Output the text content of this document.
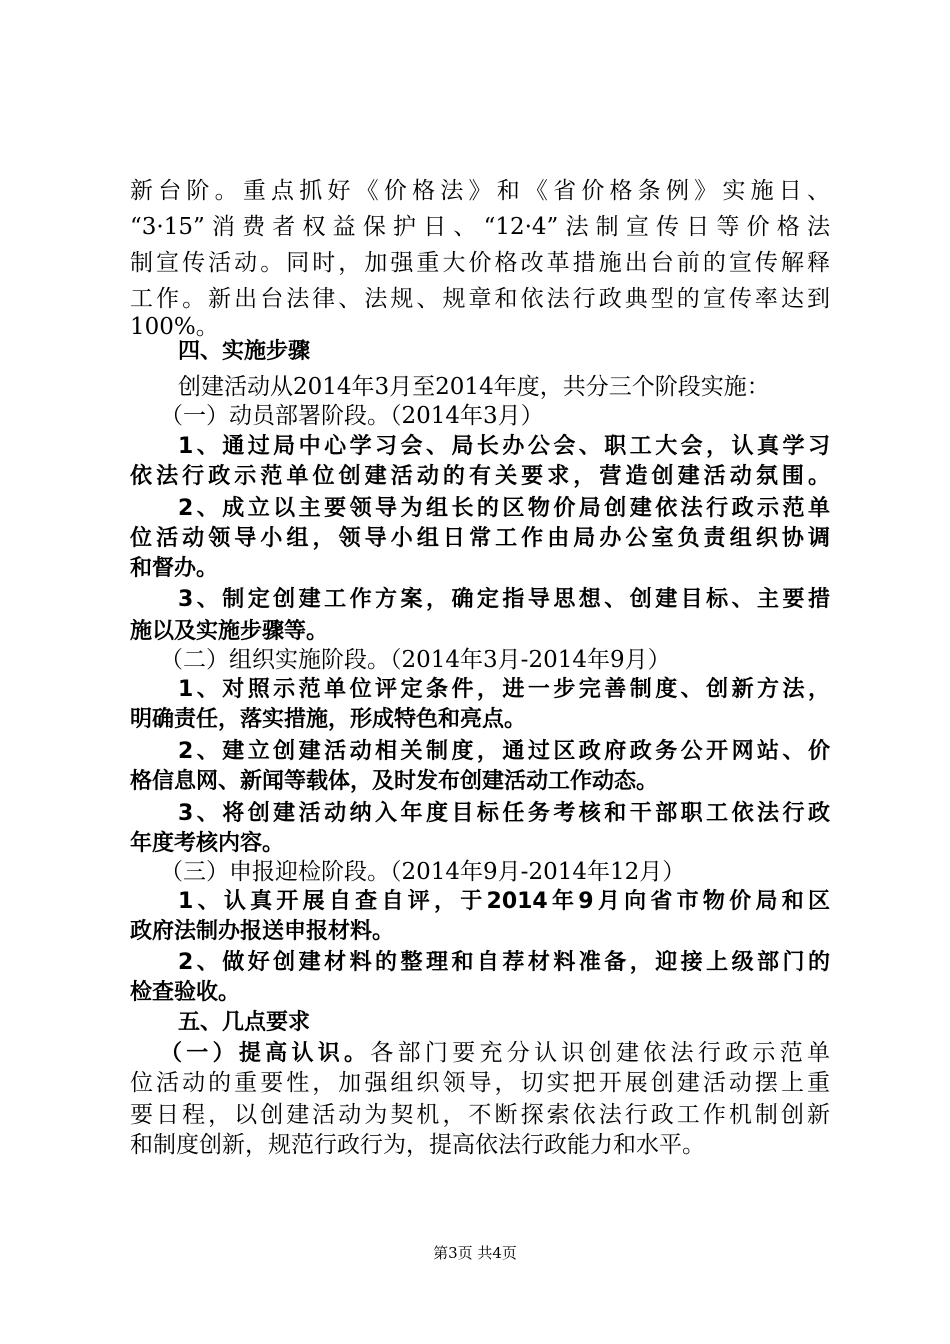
新台阶。重点抓好《价格法》和《省价格条例》实施日、
“3·15”消费者权益保护日、“12·4”法制宣传日等价格法
制宣传活动。同时，加强重大价格改革措施出台前的宣传解释
工作。新出台法律、法规、规章和依法行政典型的宣传率达到
100%。
四、实施步骤
创建活动从2014年3月至2014年度，共分三个阶段实施：
（一）动员部署阶段。（2014年3月）
1、通过局中心学习会、局长办公会、职工大会，认真学习
依法行政示范单位创建活动的有关要求，营造创建活动氛围。
2、成立以主要领导为组长的区物价局创建依法行政示范单
位活动领导小组，领导小组日常工作由局办公室负责组织协调
和督办。
3、制定创建工作方案，确定指导思想、创建目标、主要措
施以及实施步骤等。
（二）组织实施阶段。（2014年3月-2014年9月）
1、对照示范单位评定条件，进一步完善制度、创新方法，
明确责任，落实措施，形成特色和亮点。
2、建立创建活动相关制度，通过区政府政务公开网站、价
格信息网、新闻等载体，及时发布创建活动工作动态。
3、将创建活动纳入年度目标任务考核和干部职工依法行政
年度考核内容。
（三）申报迎检阶段。（2014年9月-2014年12月）
1、认真开展自查自评，于2014年9月向省市物价局和区
政府法制办报送申报材料。
2、做好创建材料的整理和自荐材料准备，迎接上级部门的
检查验收。
五、几点要求
（一）提高认识。各部门要充分认识创建依法行政示范单
第3页 共4页
位活动的重要性，加强组织领导，切实把开展创建活动摆上重
要日程，以创建活动为契机，不断探索依法行政工作机制创新
和制度创新，规范行政行为，提高依法行政能力和水平。
